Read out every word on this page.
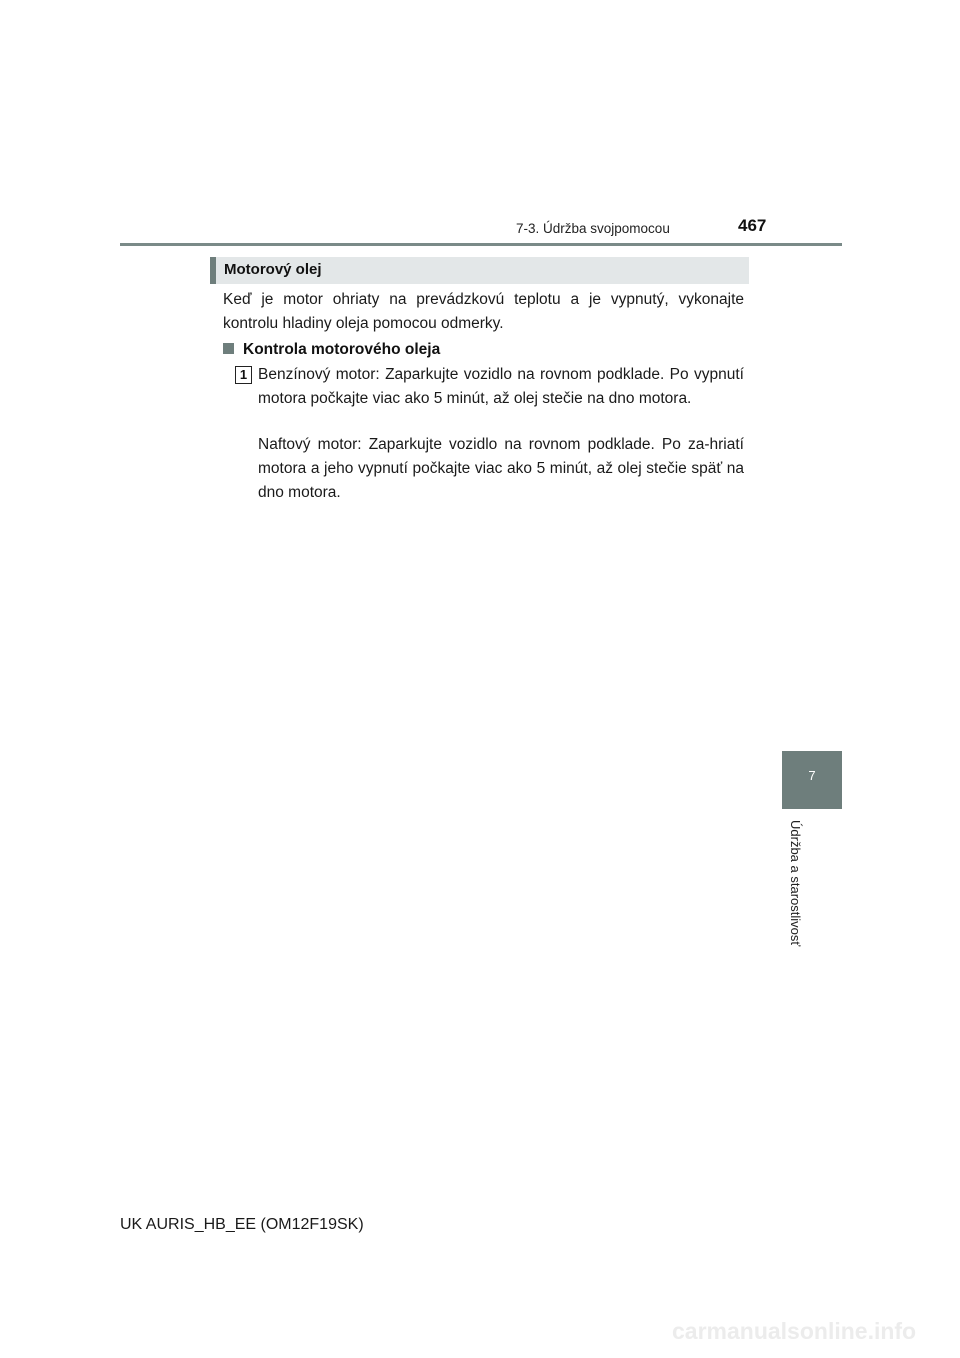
7-3. Údržba svojpomocou	467
Motorový olej
Keď je motor ohriaty na prevádzkovú teplotu a je vypnutý, vykonajte kontrolu hladiny oleja pomocou odmerky.
Kontrola motorového oleja
1 Benzínový motor: Zaparkujte vozidlo na rovnom podklade. Po vypnutí motora počkajte viac ako 5 minút, až olej stečie na dno motora.
Naftový motor: Zaparkujte vozidlo na rovnom podklade. Po za-hriatí motora a jeho vypnutí počkajte viac ako 5 minút, až olej stečie späť na dno motora.
7
Údržba a starostlivosť
UK AURIS_HB_EE (OM12F19SK)
carmanualsonline.info
